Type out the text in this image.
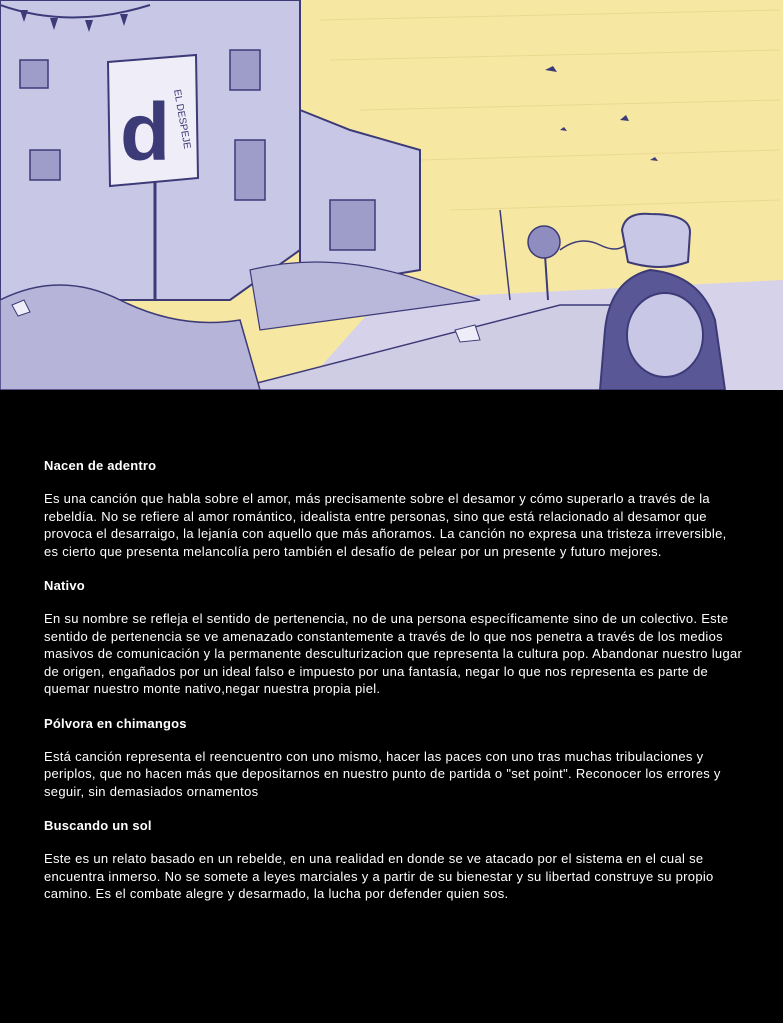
d EL DESPEJE
Nacen de adentro

Es una canción que habla sobre el amor, más precisamente sobre el desamor y cómo superarlo a través de la rebeldía. No se refiere al amor romántico, idealista entre personas, sino que está relacionado al desamor que provoca el desarraigo, la lejanía con aquello que más añoramos. La canción no expresa una tristeza irreversible, es cierto que presenta melancolía pero también el desafío de pelear por un presente y futuro mejores.

Nativo

En su nombre se refleja el sentido de pertenencia, no de una persona específicamente sino de un colectivo. Este sentido de pertenencia se ve amenazado constantemente a través de lo que nos penetra a través de los medios masivos de comunicación y la permanente desculturizacion que representa la cultura pop. Abandonar nuestro lugar de origen, engañados por un ideal falso e impuesto por una fantasía, negar lo que nos representa es parte de quemar nuestro monte nativo,negar nuestra propia piel.

Pólvora en chimangos

Está canción representa el reencuentro con uno mismo, hacer las paces con uno tras muchas tribulaciones y periplos, que no hacen más que depositarnos en nuestro punto de partida o "set point". Reconocer los errores y seguir, sin demasiados ornamentos

Buscando un sol

Este es un relato basado en un rebelde, en una realidad en donde se ve atacado por el sistema en el cual se encuentra inmerso. No se somete a leyes marciales y a partir de su bienestar y su libertad construye su propio camino. Es el combate alegre y desarmado, la lucha por defender quien sos.
